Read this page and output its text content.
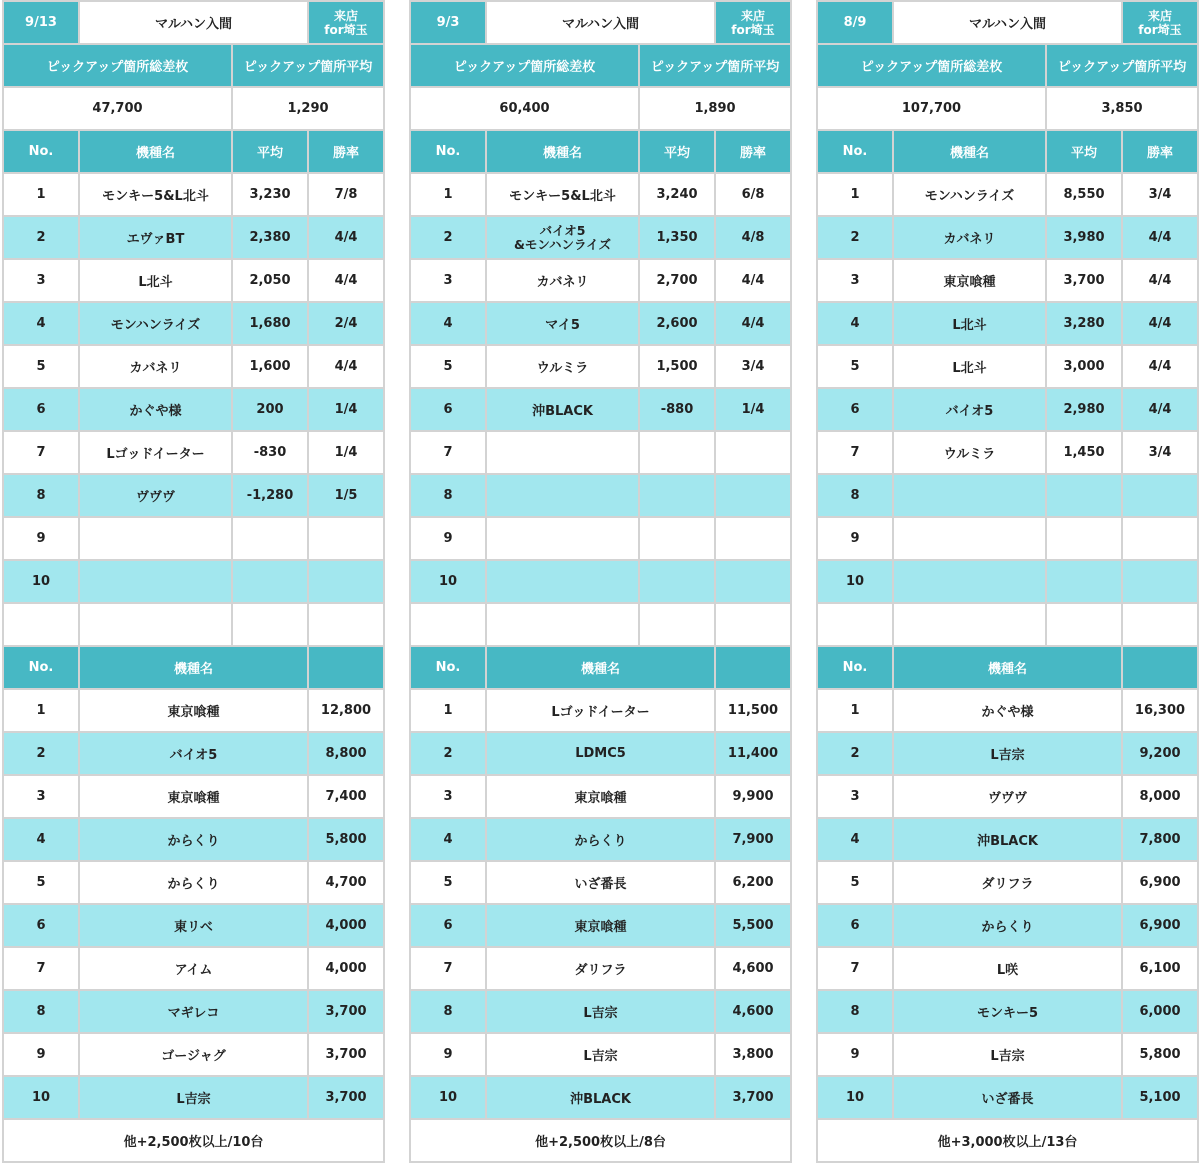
9/13	マルハン入間		来店
for埼玉

ピックアップ箇所総差枚		ピックアップ箇所平均	
47,700		1,290	
No.	機種名	平均	勝率
1	モンキー5&L北斗	3,230	7/8
2	エヴァBT	2,380	4/4
3	L北斗	2,050	4/4
4	モンハンライズ	1,680	2/4
5	カバネリ	1,600	4/4
6	かぐや様	200	1/4
7	Lゴッドイーター	-830	1/4
8	ヴヴヴ	-1,280	1/5
9			
10			

No.	機種名		
1	東京喰種		12,800
2	バイオ5		8,800
3	東京喰種		7,400
4	からくり		5,800
5	からくり		4,700
6	東リベ		4,000
7	アイム		4,000
8	マギレコ		3,700
9	ゴージャグ		3,700
10	L吉宗		3,700
他+2,500枚以上/10台			
9/3	マルハン入間		来店
for埼玉

ピックアップ箇所総差枚		ピックアップ箇所平均	
60,400		1,890	
No.	機種名	平均	勝率
1	モンキー5&L北斗	3,240	6/8
2	バイオ5
&モンハンライズ	1,350	4/8
3	カバネリ	2,700	4/4
4	マイ5	2,600	4/4
5	ウルミラ	1,500	3/4
6	沖BLACK	-880	1/4
7			
8			
9			
10			

No.	機種名		
1	Lゴッドイーター		11,500
2	LDMC5		11,400
3	東京喰種		9,900
4	からくり		7,900
5	いざ番長		6,200
6	東京喰種		5,500
7	ダリフラ		4,600
8	L吉宗		4,600
9	L吉宗		3,800
10	沖BLACK		3,700
他+2,500枚以上/8台			
8/9	マルハン入間		来店
for埼玉

ピックアップ箇所総差枚		ピックアップ箇所平均	
107,700		3,850	
No.	機種名	平均	勝率
1	モンハンライズ	8,550	3/4
2	カバネリ	3,980	4/4
3	東京喰種	3,700	4/4
4	L北斗	3,280	4/4
5	L北斗	3,000	4/4
6	バイオ5	2,980	4/4
7	ウルミラ	1,450	3/4
8			
9			
10			

No.	機種名		
1	かぐや様		16,300
2	L吉宗		9,200
3	ヴヴヴ		8,000
4	沖BLACK		7,800
5	ダリフラ		6,900
6	からくり		6,900
7	L咲		6,100
8	モンキー5		6,000
9	L吉宗		5,800
10	いざ番長		5,100
他+3,000枚以上/13台			
